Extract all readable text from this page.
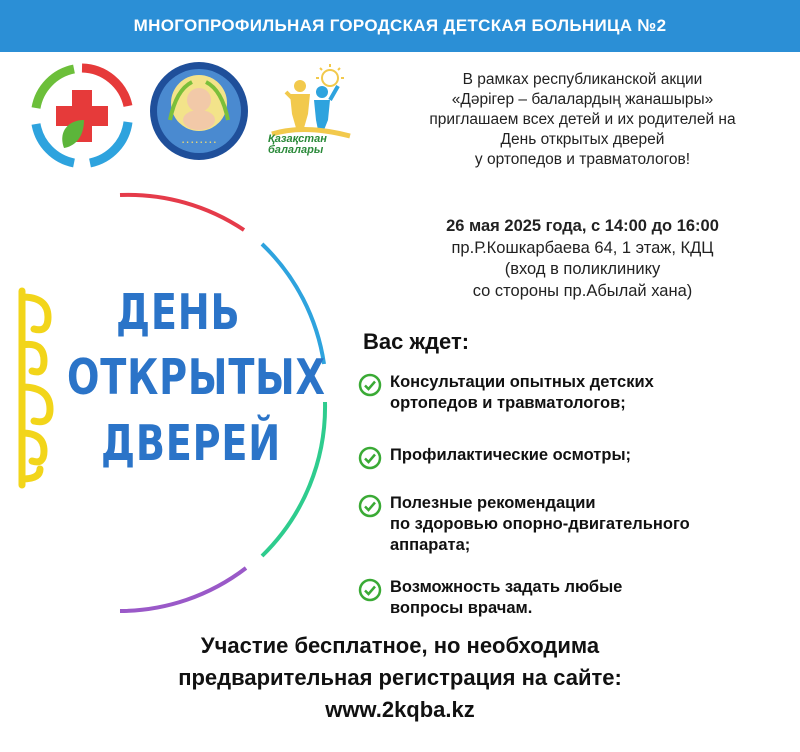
МНОГОПРОФИЛЬНАЯ ГОРОДСКАЯ ДЕТСКАЯ БОЛЬНИЦА №2
• • • • • • • •	Қазақстан
балалары
В рамках республиканской акции
«Дәрігер – балалардың жанашыры»
приглашаем всех детей и их родителей на
День открытых дверей
у ортопедов и травматологов!
26 мая 2025 года, с 14:00 до 16:00
пр.Р.Кошкарбаева 64, 1 этаж, КДЦ
(вход в поликлинику
со стороны пр.Абылай хана)
ДЕНЬ
ОТКРЫТЫХ
ДВЕРЕЙ
Вас ждет:
Консультации опытных детских
ортопедов и травматологов;
Профилактические осмотры;
Полезные рекомендации
по здоровью опорно-двигательного
аппарата;
Возможность задать любые
вопросы врачам.
Участие бесплатное, но необходима
предварительная регистрация на сайте:
www.2kqba.kz
